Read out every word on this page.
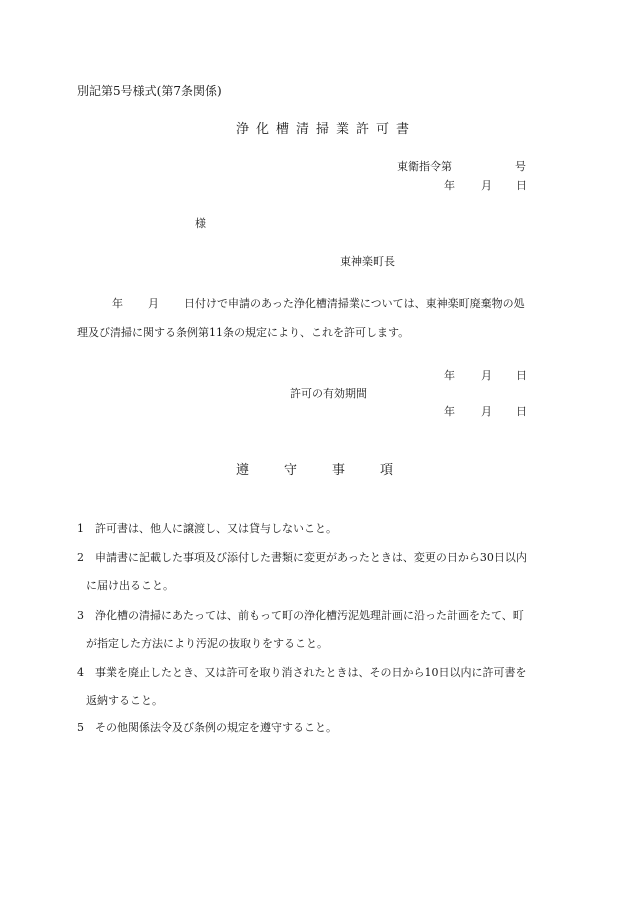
別記第5号様式(第7条関係)
浄化槽清掃業許可書
東衛指令第	号
年 月 日
様
東神楽町長
年 月 日付けで申請のあった浄化槽清掃業については、東神楽町廃棄物の処
理及び清掃に関する条例第11条の規定により、これを許可します。
年 月 日
許可の有効期間
年 月 日
遵	守	事	項
1 許可書は、他人に譲渡し、又は貸与しないこと。
2 申請書に記載した事項及び添付した書類に変更があったときは、変更の日から30日以内
に届け出ること。
3 浄化槽の清掃にあたっては、前もって町の浄化槽汚泥処理計画に沿った計画をたて、町
が指定した方法により汚泥の抜取りをすること。
4 事業を廃止したとき、又は許可を取り消されたときは、その日から10日以内に許可書を
返納すること。
5 その他関係法令及び条例の規定を遵守すること。
